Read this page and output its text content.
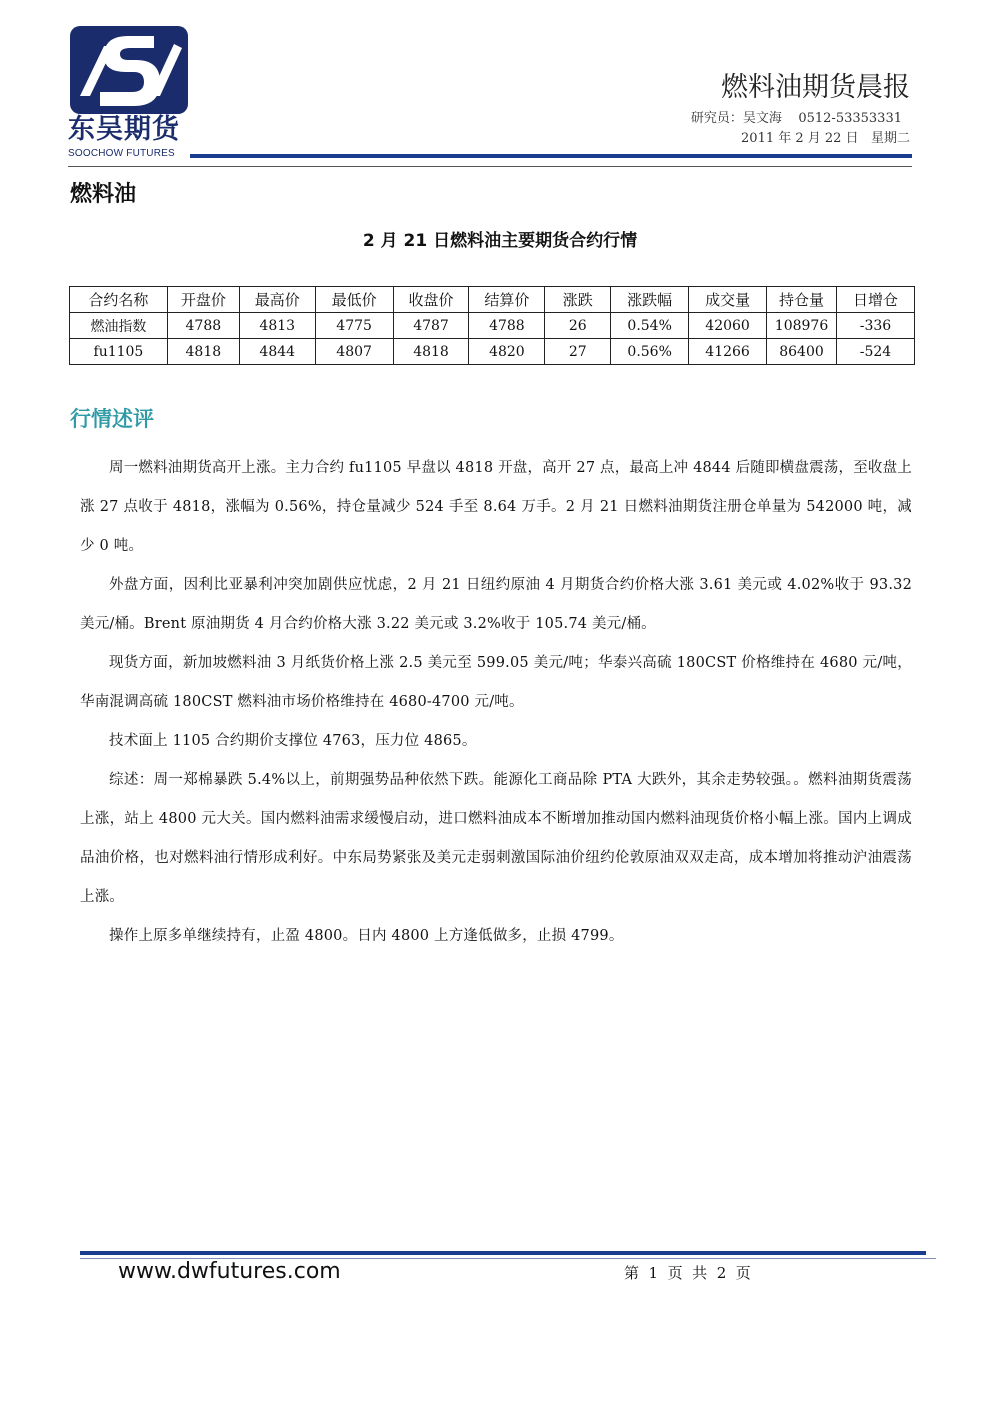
东吴期货
SOOCHOW FUTURES
燃料油期货晨报
研究员：吴文海    0512-53353331
2011 年 2 月 22 日   星期二
燃料油
2 月 21 日燃料油主要期货合约行情
合约名称	开盘价	最高价	最低价	收盘价	结算价	涨跌	涨跌幅	成交量	持仓量	日增仓
燃油指数	4788	4813	4775	4787	4788	26	0.54%	42060	108976	-336
fu1105	4818	4844	4807	4818	4820	27	0.56%	41266	86400	-524
行情述评

周一燃料油期货高开上涨。主力合约 fu1105 早盘以 4818 开盘，高开 27 点，最高上冲 4844 后随即横盘震荡，至收盘上涨 27 点收于 4818，涨幅为 0.56%，持仓量减少 524 手至 8.64 万手。2 月 21 日燃料油期货注册仓单量为 542000 吨，减少 0 吨。

外盘方面，因利比亚暴利冲突加剧供应忧虑，2 月 21 日纽约原油 4 月期货合约价格大涨 3.61 美元或 4.02%收于 93.32 美元/桶。Brent 原油期货 4 月合约价格大涨 3.22 美元或 3.2%收于 105.74 美元/桶。

现货方面，新加坡燃料油 3 月纸货价格上涨 2.5 美元至 599.05 美元/吨；华泰兴高硫 180CST 价格维持在 4680 元/吨，华南混调高硫 180CST 燃料油市场价格维持在 4680-4700 元/吨。

技术面上 1105 合约期价支撑位 4763，压力位 4865。

综述：周一郑棉暴跌 5.4%以上，前期强势品种依然下跌。能源化工商品除 PTA 大跌外，其余走势较强。。燃料油期货震荡上涨，站上 4800 元大关。国内燃料油需求缓慢启动，进口燃料油成本不断增加推动国内燃料油现货价格小幅上涨。国内上调成品油价格，也对燃料油行情形成利好。中东局势紧张及美元走弱刺激国际油价纽约伦敦原油双双走高，成本增加将推动沪油震荡上涨。

操作上原多单继续持有，止盈 4800。日内 4800 上方逢低做多，止损 4799。

www.dwfutures.com	第  1  页  共  2  页
